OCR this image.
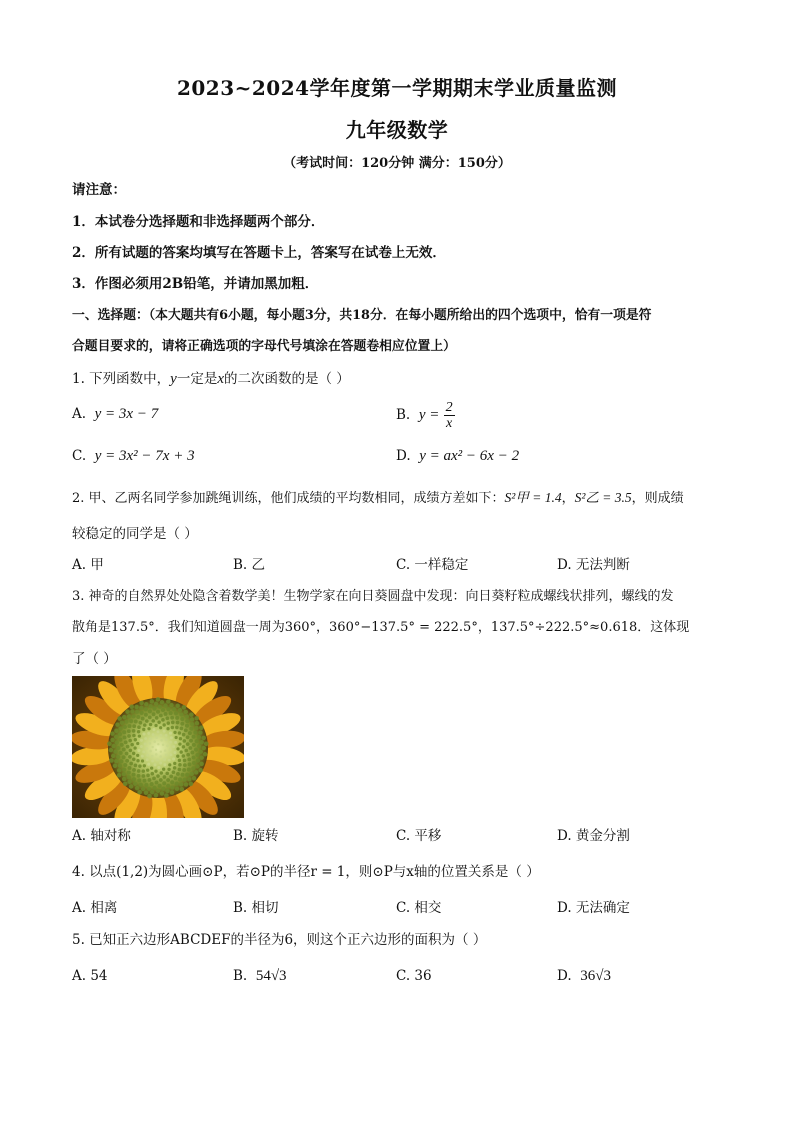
2023~2024学年度第一学期期末学业质量监测
九年级数学
（考试时间：120分钟 满分：150分）
请注意：
1．本试卷分选择题和非选择题两个部分．
2．所有试题的答案均填写在答题卡上，答案写在试卷上无效．
3．作图必须用2B铅笔，并请加黑加粗．
一、选择题：（本大题共有6小题，每小题3分，共18分．在每小题所给出的四个选项中，恰有一项是符
合题目要求的，请将正确选项的字母代号填涂在答题卷相应位置上）
1. 下列函数中，y一定是x的二次函数的是（ ）
A. y = 3x − 7	B.
y =
$\frac{2}{x}$
C. y = 3x² − 7x + 3	D. y = ax² − 6x − 2
2. 甲、乙两名同学参加跳绳训练，他们成绩的平均数相同，成绩方差如下：S²甲 = 1.4，S²乙 = 3.5，则成绩
较稳定的同学是（ ）
A. 甲	B. 乙	C. 一样稳定	D. 无法判断
3. 神奇的自然界处处隐含着数学美！生物学家在向日葵圆盘中发现：向日葵籽粒成螺线状排列，螺线的发
散角是137.5°．我们知道圆盘一周为360°，360°−137.5° = 222.5°，137.5°÷222.5°≈0.618．这体现
了（ ）
A. 轴对称	B. 旋转	C. 平移	D. 黄金分割
4. 以点(1,2)为圆心画⊙P，若⊙P的半径r = 1，则⊙P与x轴的位置关系是（ ）
A. 相离	B. 相切	C. 相交	D. 无法确定
5. 已知正六边形ABCDEF的半径为6，则这个正六边形的面积为（ ）
A. 54	B. 54√3	C. 36	D. 36√3
